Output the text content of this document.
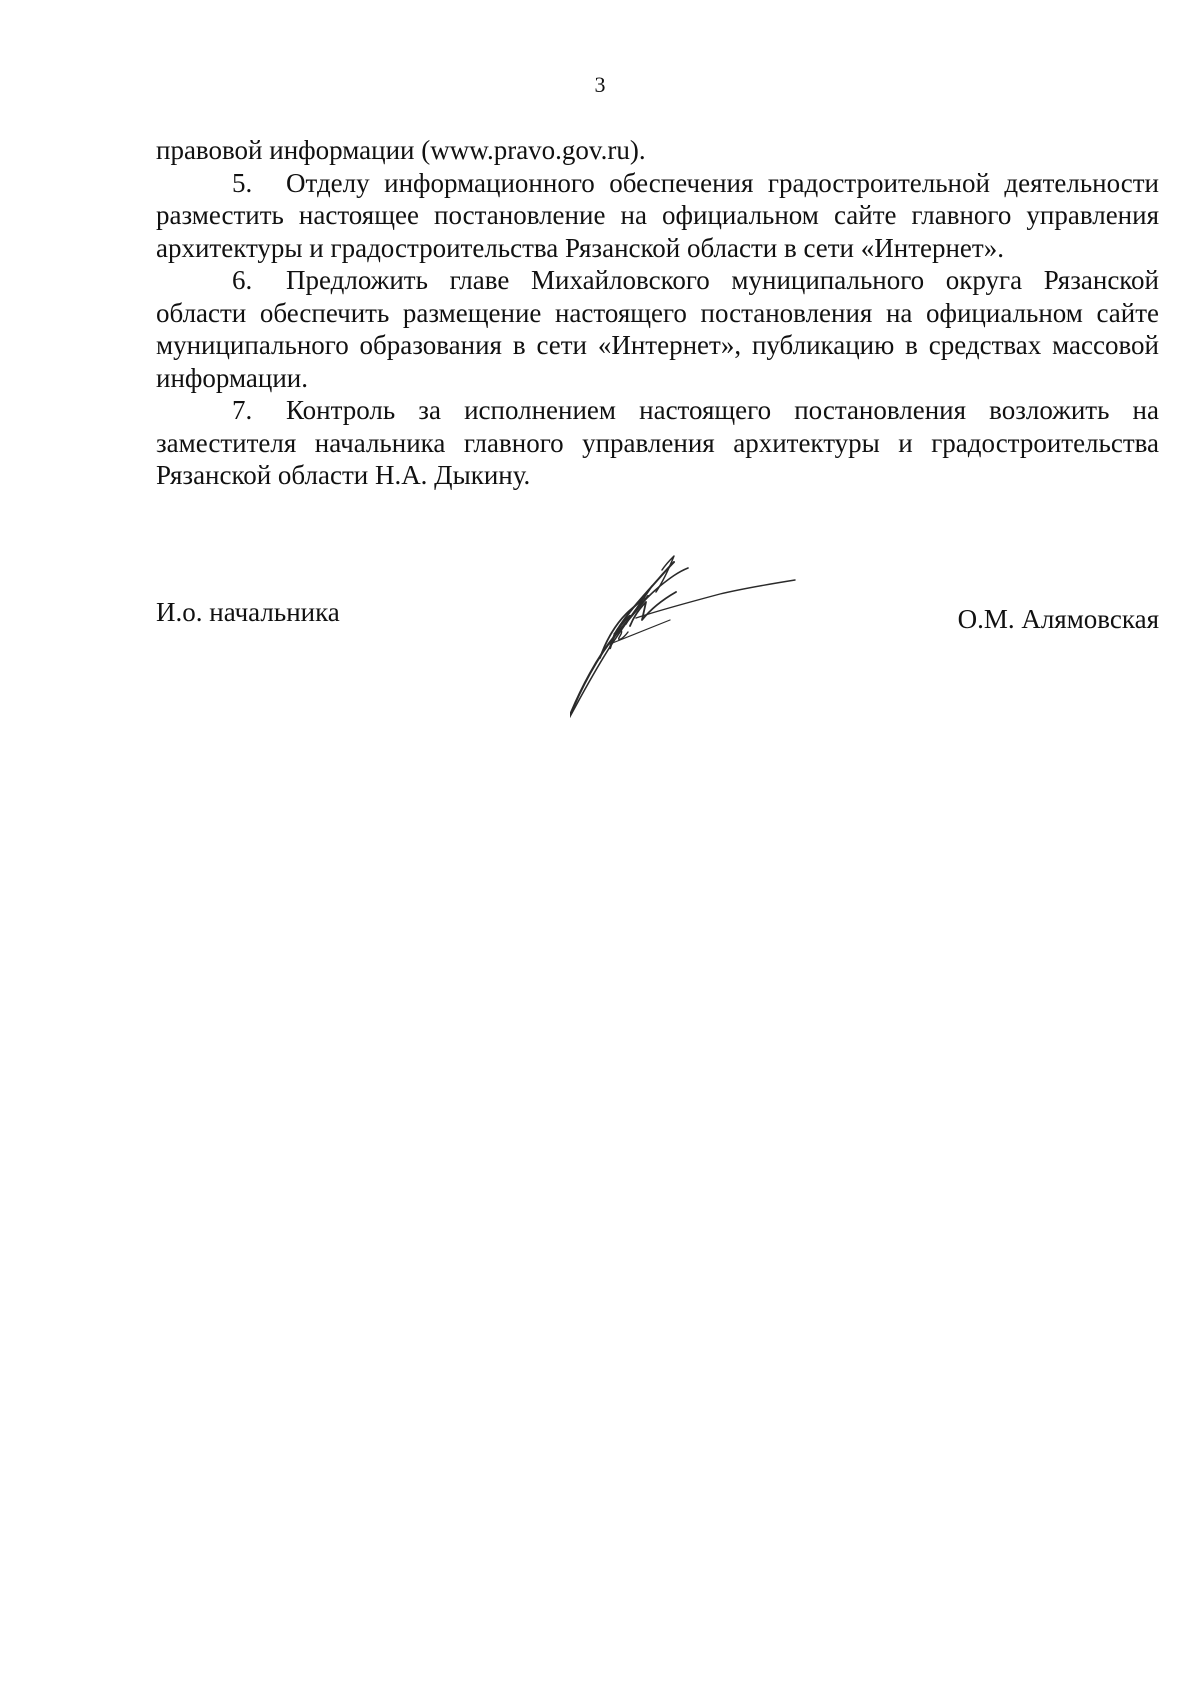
3

правовой информации (www.pravo.gov.ru).

5. Отделу информационного обеспечения градостроительной деятельности разместить настоящее постановление на официальном сайте главного управления архитектуры и градостроительства Рязанской области в сети «Интернет».

6. Предложить главе Михайловского муниципального округа Рязанской области обеспечить размещение настоящего постановления на официальном сайте муниципального образования в сети «Интернет», публикацию в средствах массовой информации.

7. Контроль за исполнением настоящего постановления возложить на заместителя начальника главного управления архитектуры и градостроительства Рязанской области Н.А. Дыкину.

И.о. начальника	О.М. Алямовская
